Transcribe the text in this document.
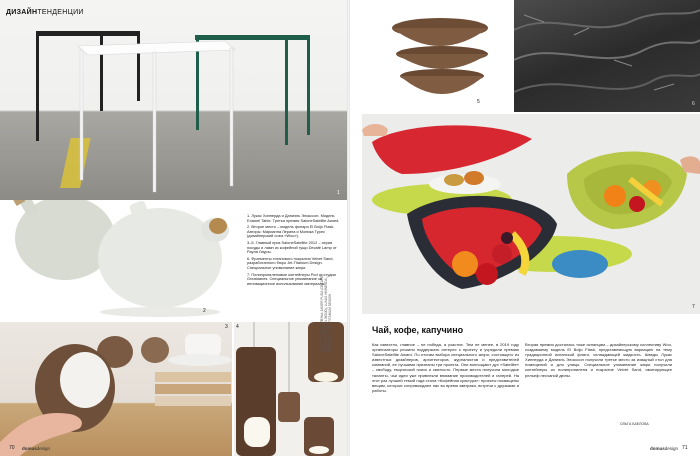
1
ДИЗАЙНТЕНДЕНЦИИ
2

1. Лукас Хиннерда и Даниэль Энокссон. Модель Enamel Table. Третья премия SaloneSatellite Award.

2. Второе место – модель фонаря El Boijo Flask. Авторы: Марианна Лерина и Моника Турес (дизайнерский союз «Woo»).

3–5. Главный приз SaloneSatellite 2012 – серия посуды и ламп из кофейной гущи Decafé Lamp от Раула Лауры.

6. Фрагменты титанового покрытия Velvet Sand, разработанного бюро Jet-Titanium Design. Специальное упоминание жюри.

7. Полипропиленовые контейнеры Pod от студии Greatdanes. Специальное упоминание за инновационное использование материала.

3 4	ФОТО ПРЕДОСТАВЛЕНЫ: JAVIER PUGA (DECAFÉ), ПЕТЕР ВЕННЕРЕ (EL BOIJO), LUKAS HINNERDA, GREATDANES, JET-TITANIUM DESIGN
70 domusdesign
5	6
7
Чай, кофе, капучино
Как известно, главное – не победа, а участие. Тем не менее, в 2019 году организаторы решили поддержать интерес к проекту и учредили премию SaloneSatellite Award. По итогам выбора специального жюри, состоящего из известных дизайнеров, архитекторов, журналистов и представителей компаний, ее лучшими признаны три проекта. Они воплощают дух «Satellite» – свободу, творческий поиск и смелость. Первые места получили молодые таланты, чьи идеи уже привлекли внимание производителей и галерей. На этот раз лучшей темой года стала «Кофейная культура»: проекты посвящены вещам, которые сопровождают нас во время завтрака, встречи с друзьями и работы.
Вторая премия досталась тоже испанцам – дизайнерскому коллективу Woo, создавшему модель El Boijo Flask, представляющую вариацию на тему традиционной испанской фляги, охлаждающей жидкость. Шведы Лукас Хиннерда и Даниэль Энокссон получили третье место за изящный стол для помещений и для улицы. Специальное упоминание жюри получили контейнеры из полипропилена и покрытие Velvet Sand, имитирующее рельеф песчаной дюны.
ОЛЬГА БАЕЛОВА
domusdesign 71
